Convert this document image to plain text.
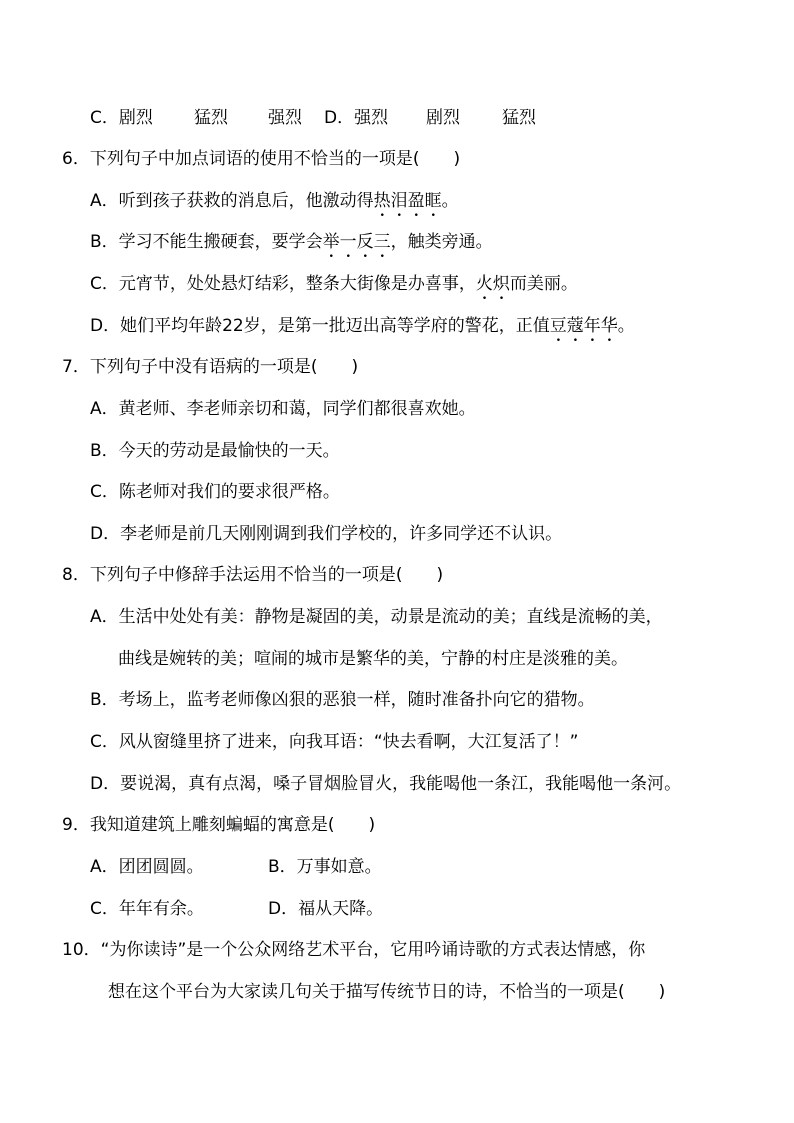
C．剧烈 猛烈 强烈 D．强烈 剧烈 猛烈
6．下列句子中加点词语的使用不恰当的一项是(　　)
A．听到孩子获救的消息后，他激动得热泪盈眶。
B．学习不能生搬硬套，要学会举一反三，触类旁通。
C．元宵节，处处悬灯结彩，整条大街像是办喜事，火炽而美丽。
D．她们平均年龄22岁，是第一批迈出高等学府的警花，正值豆蔻年华。
7．下列句子中没有语病的一项是(　　)
A．黄老师、李老师亲切和蔼，同学们都很喜欢她。
B．今天的劳动是最愉快的一天。
C．陈老师对我们的要求很严格。
D．李老师是前几天刚刚调到我们学校的，许多同学还不认识。
8．下列句子中修辞手法运用不恰当的一项是(　　)
A．生活中处处有美：静物是凝固的美，动景是流动的美；直线是流畅的美，
曲线是婉转的美；喧闹的城市是繁华的美，宁静的村庄是淡雅的美。
B．考场上，监考老师像凶狠的恶狼一样，随时准备扑向它的猎物。
C．风从窗缝里挤了进来，向我耳语：“快去看啊，大江复活了！”
D．要说渴，真有点渴，嗓子冒烟脸冒火，我能喝他一条江，我能喝他一条河。
9．我知道建筑上雕刻蝙蝠的寓意是(　　)
A．团团圆圆。	B．万事如意。
C．年年有余。	D．福从天降。
10．“为你读诗”是一个公众网络艺术平台，它用吟诵诗歌的方式表达情感，你
想在这个平台为大家读几句关于描写传统节日的诗，不恰当的一项是(　　)
